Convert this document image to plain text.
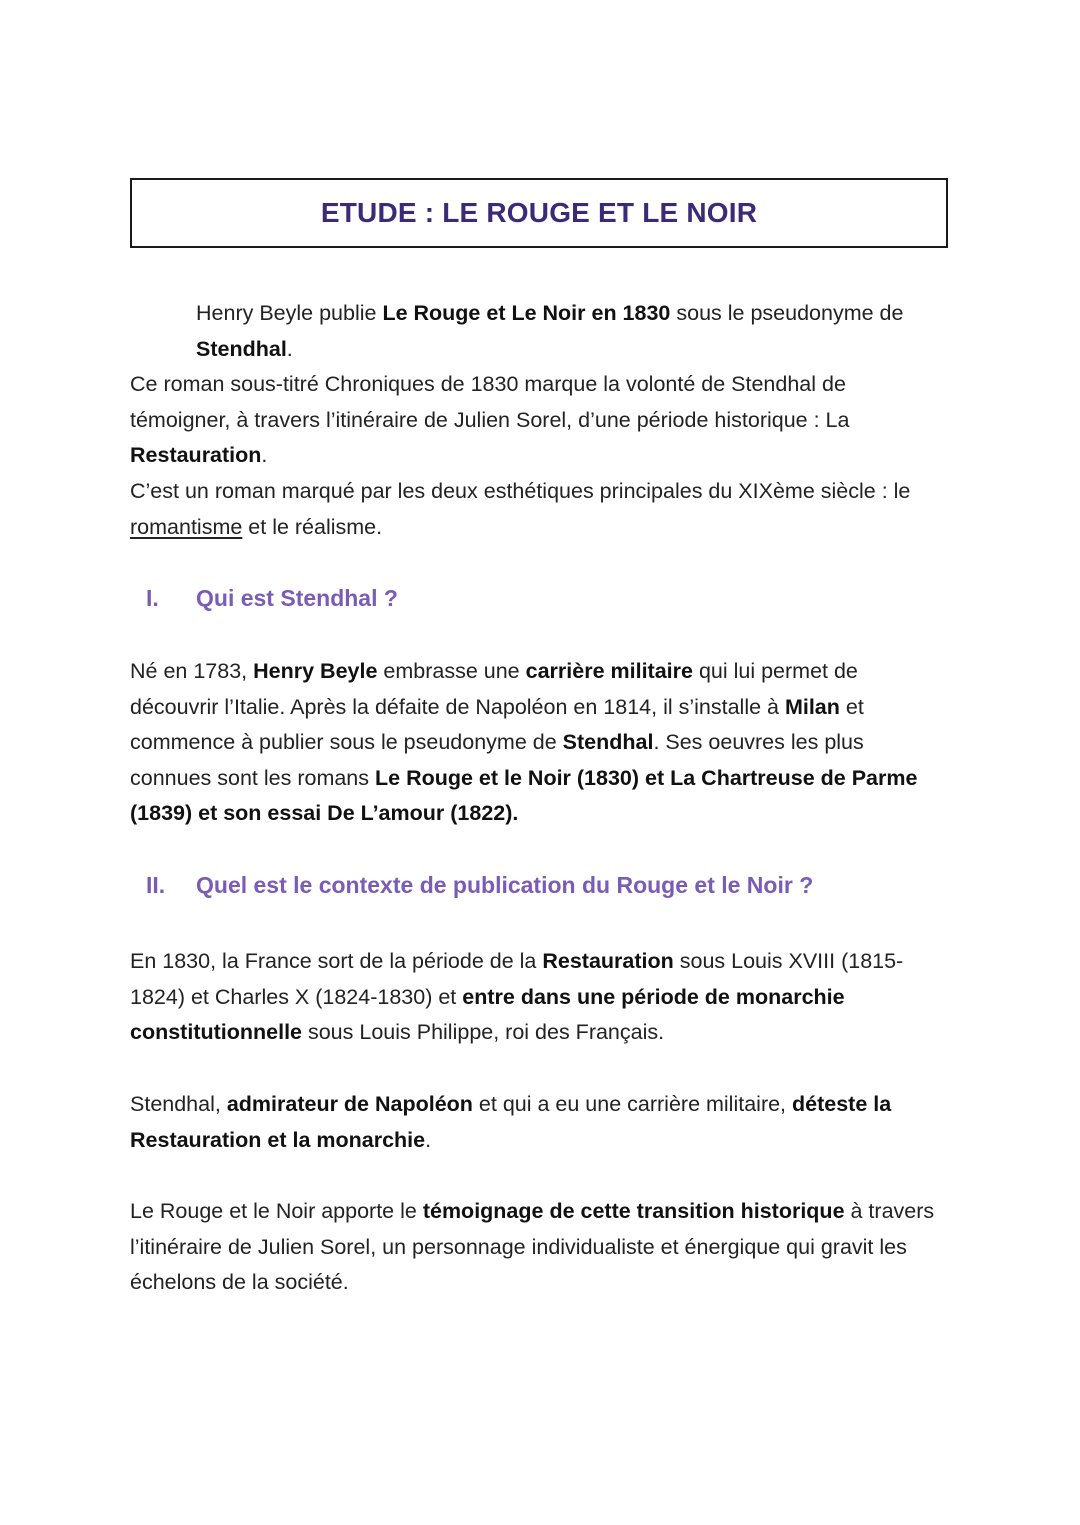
ETUDE : LE ROUGE ET LE NOIR

Henry Beyle publie Le Rouge et Le Noir en 1830 sous le pseudonyme de Stendhal.

Ce roman sous-titré Chroniques de 1830 marque la volonté de Stendhal de témoigner, à travers l’itinéraire de Julien Sorel, d’une période historique : La Restauration.

C’est un roman marqué par les deux esthétiques principales du XIXème siècle : le romantisme et le réalisme.

I.	Qui est Stendhal ?

Né en 1783, Henry Beyle embrasse une carrière militaire qui lui permet de découvrir l’Italie. Après la défaite de Napoléon en 1814, il s’installe à Milan et commence à publier sous le pseudonyme de Stendhal. Ses oeuvres les plus connues sont les romans Le Rouge et le Noir (1830) et La Chartreuse de Parme (1839) et son essai De L’amour (1822).

II.	Quel est le contexte de publication du Rouge et le Noir ?

En 1830, la France sort de la période de la Restauration sous Louis XVIII (1815-1824) et Charles X (1824-1830) et entre dans une période de monarchie constitutionnelle sous Louis Philippe, roi des Français.

Stendhal, admirateur de Napoléon et qui a eu une carrière militaire, déteste la Restauration et la monarchie.

Le Rouge et le Noir apporte le témoignage de cette transition historique à travers l’itinéraire de Julien Sorel, un personnage individualiste et énergique qui gravit les échelons de la société.
